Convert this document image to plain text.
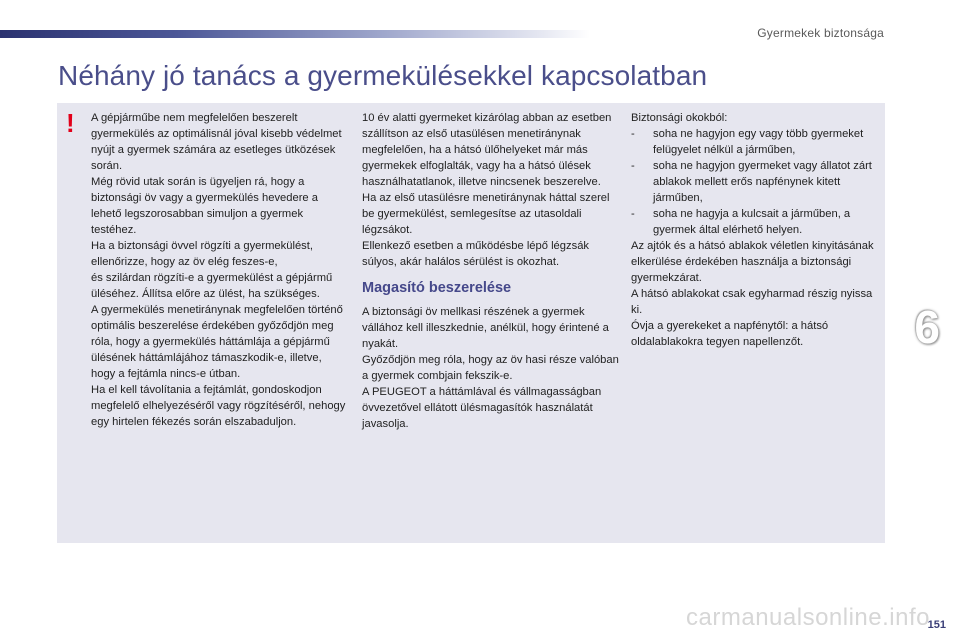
Gyermekek biztonsága
Néhány jó tanács a gyermekülésekkel kapcsolatban
! A gépjárműbe nem megfelelően beszerelt gyermekülés az optimálisnál jóval kisebb védelmet nyújt a gyermek számára az esetleges ütközések során.

Még rövid utak során is ügyeljen rá, hogy a biztonsági öv vagy a gyermekülés hevedere a lehető legszorosabban simuljon a gyermek testéhez.

Ha a biztonsági övvel rögzíti a gyermekülést, ellenőrizze, hogy az öv elég feszes-e,

és szilárdan rögzíti-e a gyermekülést a gépjármű üléséhez. Állítsa előre az ülést, ha szükséges.

A gyermekülés menetiránynak megfelelően történő optimális beszerelése érdekében győződjön meg róla, hogy a gyermekülés háttámlája a gépjármű ülésének háttámlájához támaszkodik-e, illetve, hogy a fejtámla nincs-e útban.

Ha el kell távolítania a fejtámlát, gondoskodjon megfelelő elhelyezéséről vagy rögzítéséről, nehogy egy hirtelen fékezés során elszabaduljon.

10 év alatti gyermeket kizárólag abban az esetben szállítson az első utasülésen menetiránynak megfelelően, ha a hátsó ülőhelyeket már más gyermekek elfoglalták, vagy ha a hátsó ülések használhatatlanok, illetve nincsenek beszerelve.

Ha az első utasülésre menetiránynak háttal szerel be gyermekülést, semlegesítse az utasoldali légzsákot.

Ellenkező esetben a működésbe lépő légzsák súlyos, akár halálos sérülést is okozhat.

Magasító beszerelése

A biztonsági öv mellkasi részének a gyermek vállához kell illeszkednie, anélkül, hogy érintené a nyakát.

Győződjön meg róla, hogy az öv hasi része valóban a gyermek combjain fekszik-e.

A PEUGEOT a háttámlával és vállmagasságban övvezetővel ellátott ülésmagasítók használatát javasolja.

Biztonsági okokból:

-	soha ne hagyjon egy vagy több gyermeket felügyelet nélkül a járműben,
-	soha ne hagyjon gyermeket vagy állatot zárt ablakok mellett erős napfénynek kitett járműben,
-	soha ne hagyja a kulcsait a járműben, a gyermek által elérhető helyen.

Az ajtók és a hátsó ablakok véletlen kinyitásának elkerülése érdekében használja a biztonsági gyermekzárat.

A hátsó ablakokat csak egyharmad részig nyissa ki.

Óvja a gyerekeket a napfénytől: a hátsó oldalablakokra tegyen napellenzőt.	6
carmanualsonline.info
151
